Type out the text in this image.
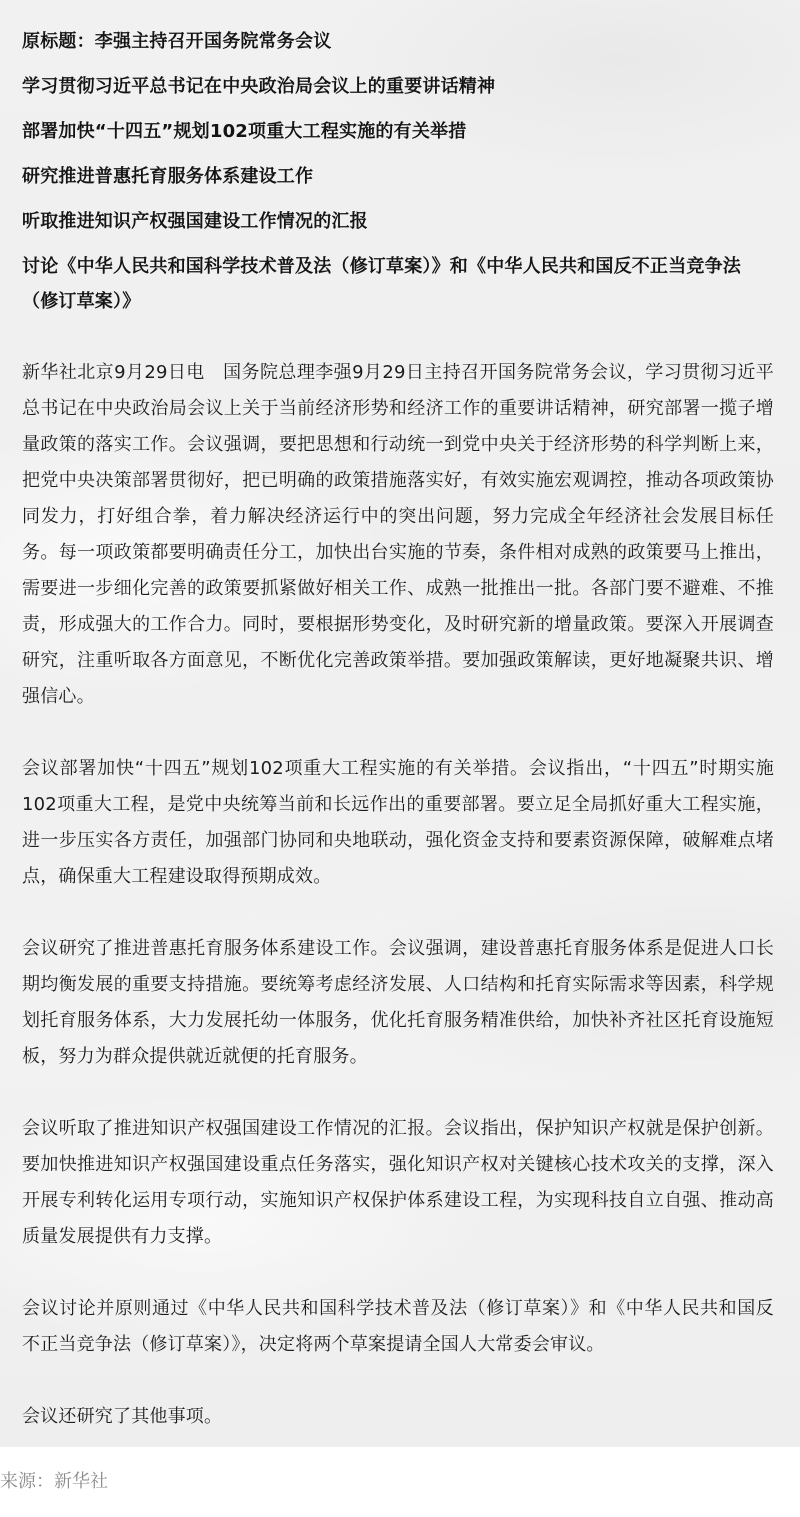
原标题：李强主持召开国务院常务会议

学习贯彻习近平总书记在中央政治局会议上的重要讲话精神

部署加快“十四五”规划102项重大工程实施的有关举措

研究推进普惠托育服务体系建设工作

听取推进知识产权强国建设工作情况的汇报

讨论《中华人民共和国科学技术普及法（修订草案）》和《中华人民共和国反不正当竞争法（修订草案）》

新华社北京9月29日电　国务院总理李强9月29日主持召开国务院常务会议，学习贯彻习近平总书记在中央政治局会议上关于当前经济形势和经济工作的重要讲话精神，研究部署一揽子增量政策的落实工作。会议强调，要把思想和行动统一到党中央关于经济形势的科学判断上来，把党中央决策部署贯彻好，把已明确的政策措施落实好，有效实施宏观调控，推动各项政策协同发力，打好组合拳，着力解决经济运行中的突出问题，努力完成全年经济社会发展目标任务。每一项政策都要明确责任分工，加快出台实施的节奏，条件相对成熟的政策要马上推出，需要进一步细化完善的政策要抓紧做好相关工作、成熟一批推出一批。各部门要不避难、不推责，形成强大的工作合力。同时，要根据形势变化，及时研究新的增量政策。要深入开展调查研究，注重听取各方面意见，不断优化完善政策举措。要加强政策解读，更好地凝聚共识、增强信心。

会议部署加快“十四五”规划102项重大工程实施的有关举措。会议指出，“十四五”时期实施102项重大工程，是党中央统筹当前和长远作出的重要部署。要立足全局抓好重大工程实施，进一步压实各方责任，加强部门协同和央地联动，强化资金支持和要素资源保障，破解难点堵点，确保重大工程建设取得预期成效。

会议研究了推进普惠托育服务体系建设工作。会议强调，建设普惠托育服务体系是促进人口长期均衡发展的重要支持措施。要统筹考虑经济发展、人口结构和托育实际需求等因素，科学规划托育服务体系，大力发展托幼一体服务，优化托育服务精准供给，加快补齐社区托育设施短板，努力为群众提供就近就便的托育服务。

会议听取了推进知识产权强国建设工作情况的汇报。会议指出，保护知识产权就是保护创新。要加快推进知识产权强国建设重点任务落实，强化知识产权对关键核心技术攻关的支撑，深入开展专利转化运用专项行动，实施知识产权保护体系建设工程，为实现科技自立自强、推动高质量发展提供有力支撑。

会议讨论并原则通过《中华人民共和国科学技术普及法（修订草案）》和《中华人民共和国反不正当竞争法（修订草案）》，决定将两个草案提请全国人大常委会审议。

会议还研究了其他事项。

来源：新华社
